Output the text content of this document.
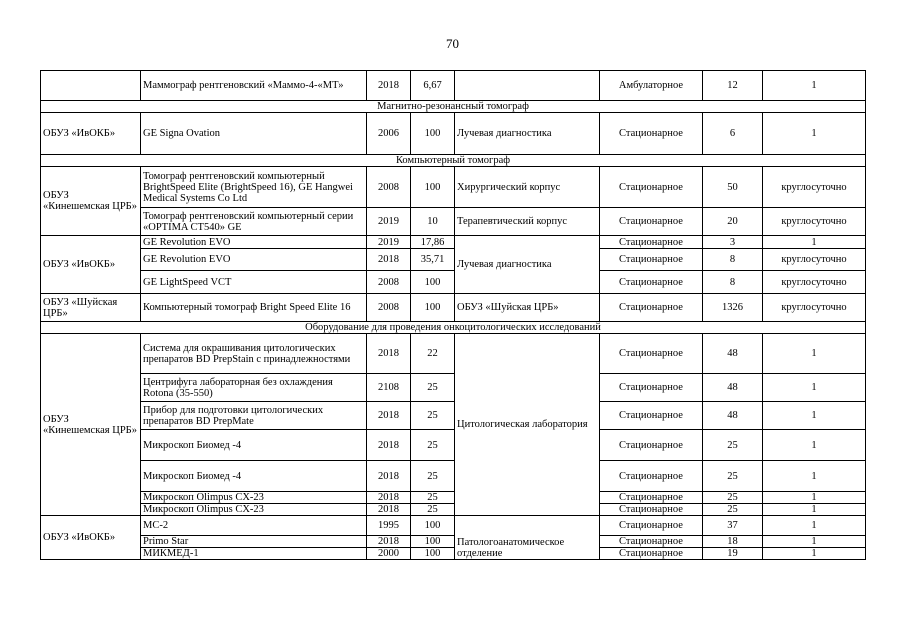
70
	Маммограф рентгеновский «Маммо-4-«МТ»	2018	6,67		Амбулаторное	12	1
Магнитно-резонансный томограф							
ОБУЗ «ИвОКБ»	GE Signa Ovation	2006	100	Лучевая диагностика	Стационарное	6	1
Компьютерный томограф							
ОБУЗ «Кинешемская ЦРБ»	Томограф рентгеновский компьютерный BrightSpeed Elite (BrightSpeed 16), GE Hangwei Medical Systems Co Ltd	2008	100	Хирургический корпус	Стационарное	50	круглосуточно
	Томограф рентгеновский компьютерный серии «OPTIMA CT540» GE	2019	10	Терапевтический корпус	Стационарное	20	круглосуточно
ОБУЗ «ИвОКБ»	GE Revolution EVO	2019	17,86	Лучевая диагностика	Стационарное	3	1
	GE Revolution EVO	2018	35,71		Стационарное	8	круглосуточно
	GE LightSpeed VCT	2008	100		Стационарное	8	круглосуточно
ОБУЗ «Шуйская ЦРБ»	Компьютерный томограф Bright Speed Elite 16	2008	100	ОБУЗ «Шуйская ЦРБ»	Стационарное	1326	круглосуточно
Оборудование для проведения онкоцитологических исследований							
ОБУЗ «Кинешемская ЦРБ»	Система для окрашивания цитологических препаратов BD PrepStain с принадлежностями	2018	22	Цитологическая лаборатория	Стационарное	48	1
	Центрифуга лабораторная без охлаждения Rotona (35-550)	2108	25		Стационарное	48	1
	Прибор для подготовки цитологических препаратов BD PrepMate	2018	25		Стационарное	48	1
	Микроскоп Биомед -4	2018	25		Стационарное	25	1
	Микроскоп Биомед -4	2018	25		Стационарное	25	1
	Микроскоп Olimpus CX-23	2018	25		Стационарное	25	1
	Микроскоп Olimpus CX-23	2018	25		Стационарное	25	1
ОБУЗ «ИвОКБ»	МС-2	1995	100	Патологоанатомическое отделение	Стационарное	37	1
	Primo Star	2018	100		Стационарное	18	1
	МИКМЕД-1	2000	100		Стационарное	19	1
